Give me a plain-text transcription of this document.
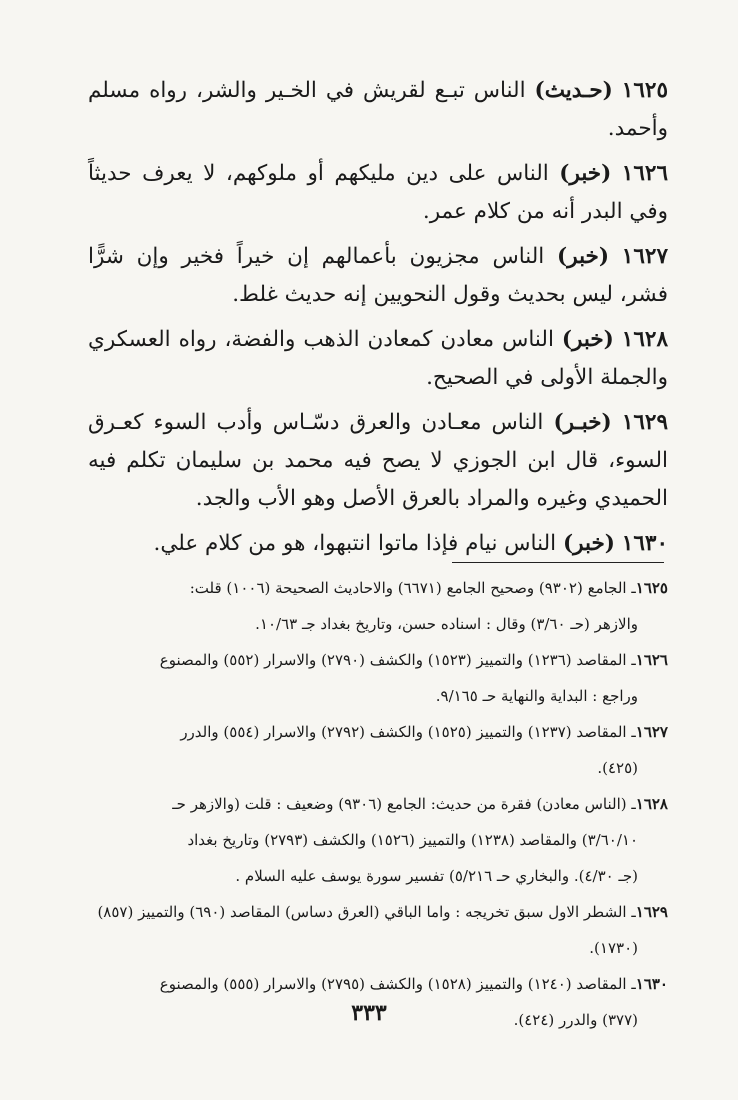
١٦٢٥ (حـديث) الناس تبـع لقريش في الخـير والشر، رواه مسلم وأحمد.

١٦٢٦ (خبر) الناس على دين مليكهم أو ملوكهم، لا يعرف حديثاً وفي البدر أنه من كلام عمر.

١٦٢٧ (خبر) الناس مجزيون بأعمالهم إن خيراً فخير وإن شرًّا فشر، ليس بحديث وقول النحويين إنه حديث غلط.

١٦٢٨ (خبر) الناس معادن كمعادن الذهب والفضة، رواه العسكري والجملة الأولى في الصحيح.

١٦٢٩ (خبـر) الناس معـادن والعرق دسّـاس وأدب السوء كعـرق السوء، قال ابن الجوزي لا يصح فيه محمد بن سليمان تكلم فيه الحميدي وغيره والمراد بالعرق الأصل وهو الأب والجد.

١٦٣٠ (خبر) الناس نيام فإذا ماتوا انتبهوا، هو من كلام علي.

١٦٢٥ـ الجامع (٩٣٠٢) وصحيح الجامع (٦٦٧١) والاحاديث الصحيحة (١٠٠٦) قلت:
والازهر (حـ ٣/٦٠) وقال : اسناده حسن، وتاريخ بغداد جـ ١٠/٦٣.

١٦٢٦ـ المقاصد (١٢٣٦) والتمييز (١٥٢٣) والكشف (٢٧٩٠) والاسرار (٥٥٢) والمصنوع
وراجع : البداية والنهاية حـ ٩/١٦٥.

١٦٢٧ـ المقاصد (١٢٣٧) والتمييز (١٥٢٥) والكشف (٢٧٩٢) والاسرار (٥٥٤) والدرر
(٤٢٥).

١٦٢٨ـ (الناس معادن) فقرة من حديث: الجامع (٩٣٠٦) وضعيف : قلت (والازهر حـ
٣/٦٠/١٠) والمقاصد (١٢٣٨) والتمييز (١٥٢٦) والكشف (٢٧٩٣) وتاريخ بغداد
(جـ ٤/٣٠). والبخاري حـ ٥/٢١٦) تفسير سورة يوسف عليه السلام .

١٦٢٩ـ الشطر الاول سبق تخريجه : واما الباقي (العرق دساس) المقاصد (٦٩٠) والتمييز (٨٥٧)
(١٧٣٠).

١٦٣٠ـ المقاصد (١٢٤٠) والتمييز (١٥٢٨) والكشف (٢٧٩٥) والاسرار (٥٥٥) والمصنوع
(٣٧٧) والدرر (٤٢٤).

٣٣٣
